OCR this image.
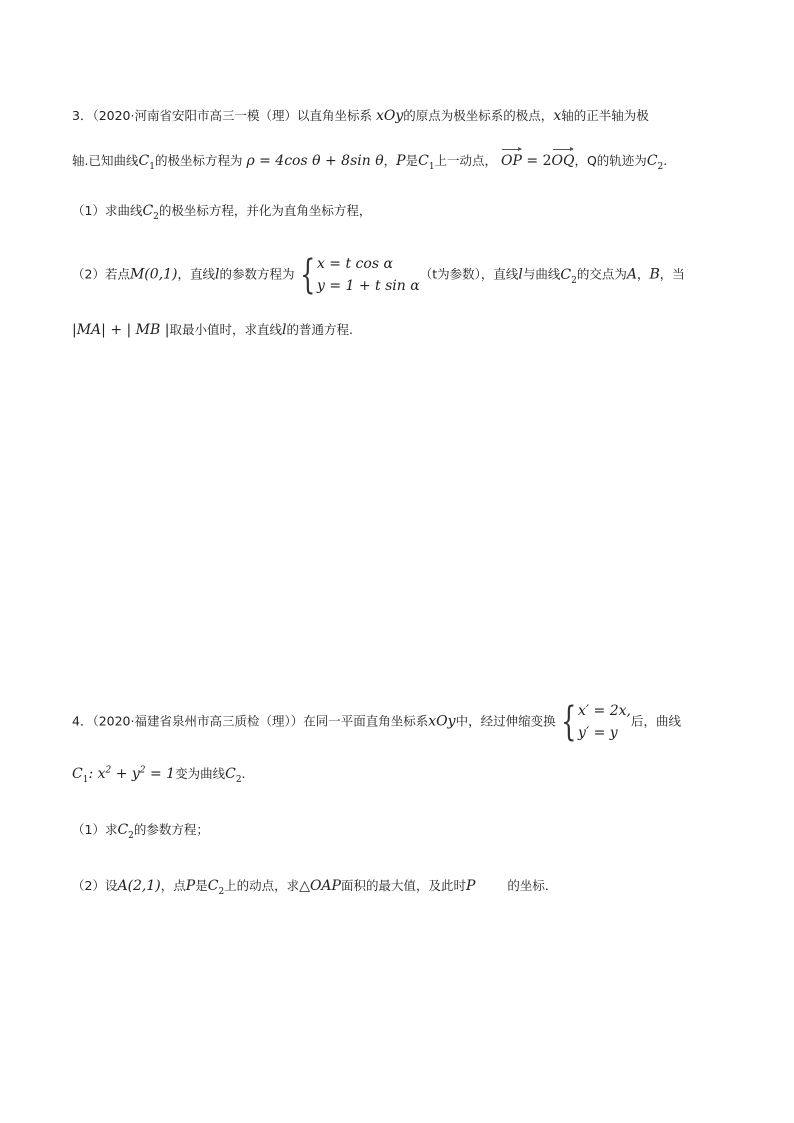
3．（2020·河南省安阳市高三一模（理）以直角坐标系 xOy的原点为极坐标系的极点，x轴的正半轴为极
轴.已知曲线$C_1$的极坐标方程为 ρ = 4cos θ + 8sin θ，P是$C_1$上一动点， OP = 2OQ，Q的轨迹为$C_2$.
（1）求曲线$C_2$的极坐标方程，并化为直角坐标方程，
（2）若点M(0,1)，直线l的参数方程为 { x = t cos α
y = 1 + t sin α
（t为参数），直线l与曲线$C_2$的交点为A，B，当
|MA| + | MB |取最小值时，求直线l的普通方程.
4．（2020·福建省泉州市高三质检（理））在同一平面直角坐标系xOy中，经过伸缩变换 { x′ = 2x,
y′ = y
后，曲线
$C_1$: $x^2 + y^2 = 1$变为曲线$C_2$.
（1）求$C_2$的参数方程；
（2）设A(2,1)，点P是$C_2$上的动点，求△OAP面积的最大值，及此时P	的坐标．
